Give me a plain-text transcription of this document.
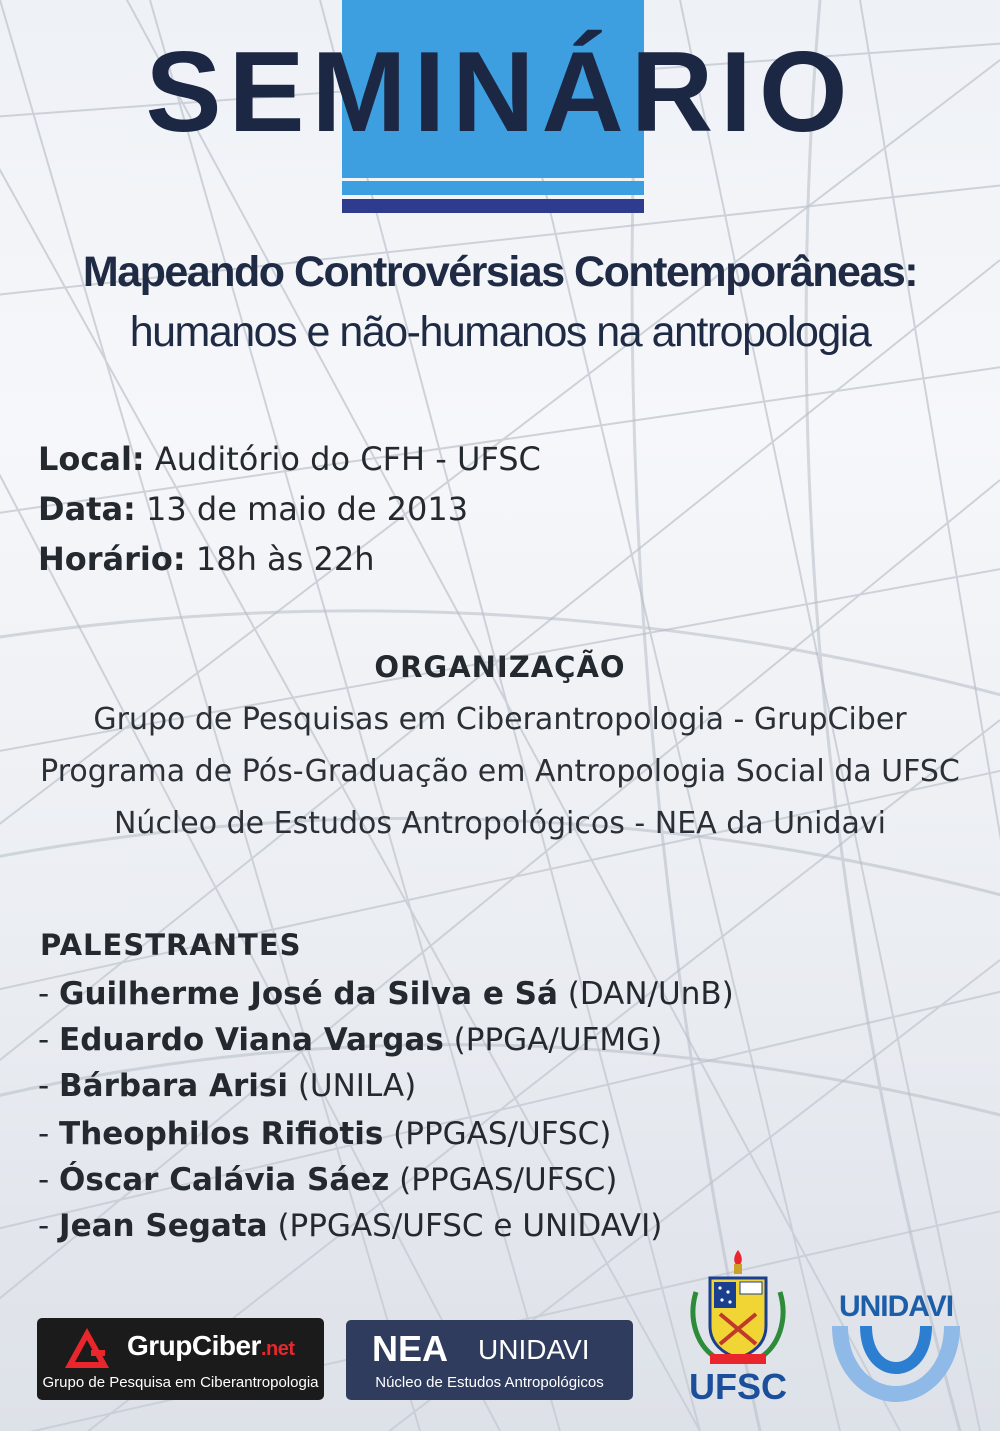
SEMINÁRIO
Mapeando Controvérsias Contemporâneas:
humanos e não-humanos na antropologia
Local: Auditório do CFH - UFSC
Data: 13 de maio de 2013
Horário: 18h às 22h
ORGANIZAÇÃO
Grupo de Pesquisas em Ciberantropologia - GrupCiber
Programa de Pós-Graduação em Antropologia Social da UFSC
Núcleo de Estudos Antropológicos - NEA da Unidavi
PALESTRANTES
- Guilherme José da Silva e Sá (DAN/UnB)
- Eduardo Viana Vargas (PPGA/UFMG)
- Bárbara Arisi (UNILA)
- Theophilos Rifiotis (PPGAS/UFSC)
- Óscar Calávia Sáez (PPGAS/UFSC)
- Jean Segata (PPGAS/UFSC e UNIDAVI)
GrupCiber.net
Grupo de Pesquisa em Ciberantropologia
NEA UNIDAVI
Núcleo de Estudos Antropológicos	UFSC
UNIDAVI
